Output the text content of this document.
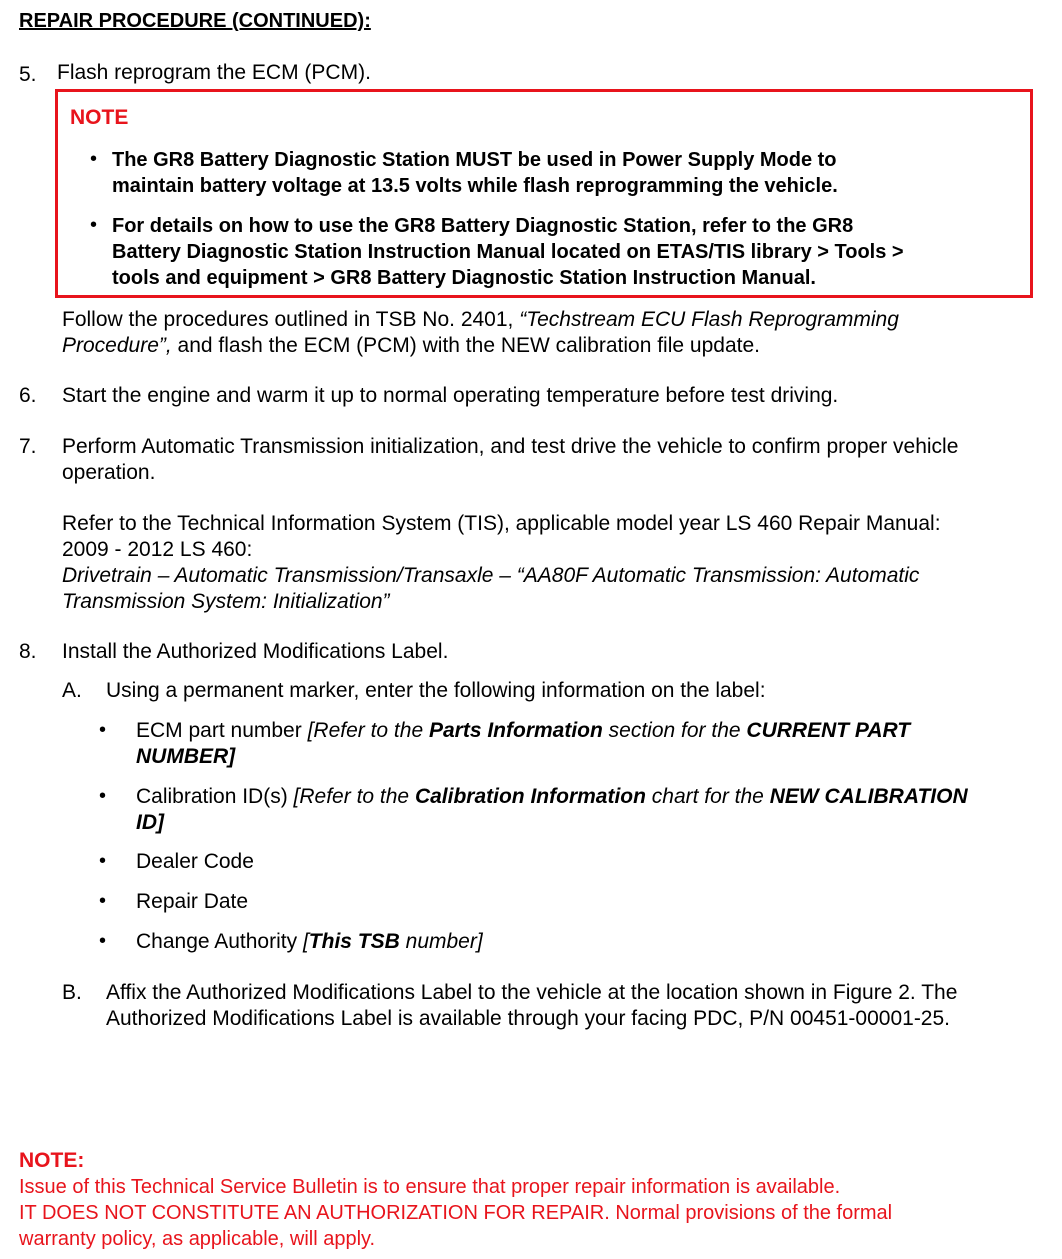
REPAIR PROCEDURE (CONTINUED):
5. Flash reprogram the ECM (PCM).
NOTE
• The GR8 Battery Diagnostic Station MUST be used in Power Supply Mode to
maintain battery voltage at 13.5 volts while flash reprogramming the vehicle.
• For details on how to use the GR8 Battery Diagnostic Station, refer to the GR8
Battery Diagnostic Station Instruction Manual located on ETAS/TIS library > Tools >
tools and equipment > GR8 Battery Diagnostic Station Instruction Manual.
Follow the procedures outlined in TSB No. 2401, “Techstream ECU Flash Reprogramming
Procedure”, and flash the ECM (PCM) with the NEW calibration file update.
6. Start the engine and warm it up to normal operating temperature before test driving.
7. Perform Automatic Transmission initialization, and test drive the vehicle to confirm proper vehicle
operation.
Refer to the Technical Information System (TIS), applicable model year LS 460 Repair Manual:
2009 - 2012 LS 460:
Drivetrain – Automatic Transmission/Transaxle – “AA80F Automatic Transmission: Automatic
Transmission System: Initialization”
8. Install the Authorized Modifications Label.
A. Using a permanent marker, enter the following information on the label:
• ECM part number [Refer to the Parts Information section for the CURRENT PART
NUMBER]
• Calibration ID(s) [Refer to the Calibration Information chart for the NEW CALIBRATION
ID]
• Dealer Code
• Repair Date
• Change Authority [This TSB number]
B. Affix the Authorized Modifications Label to the vehicle at the location shown in Figure 2. The
Authorized Modifications Label is available through your facing PDC, P/N 00451-00001-25.
NOTE:
Issue of this Technical Service Bulletin is to ensure that proper repair information is available.
IT DOES NOT CONSTITUTE AN AUTHORIZATION FOR REPAIR. Normal provisions of the formal
warranty policy, as applicable, will apply.
